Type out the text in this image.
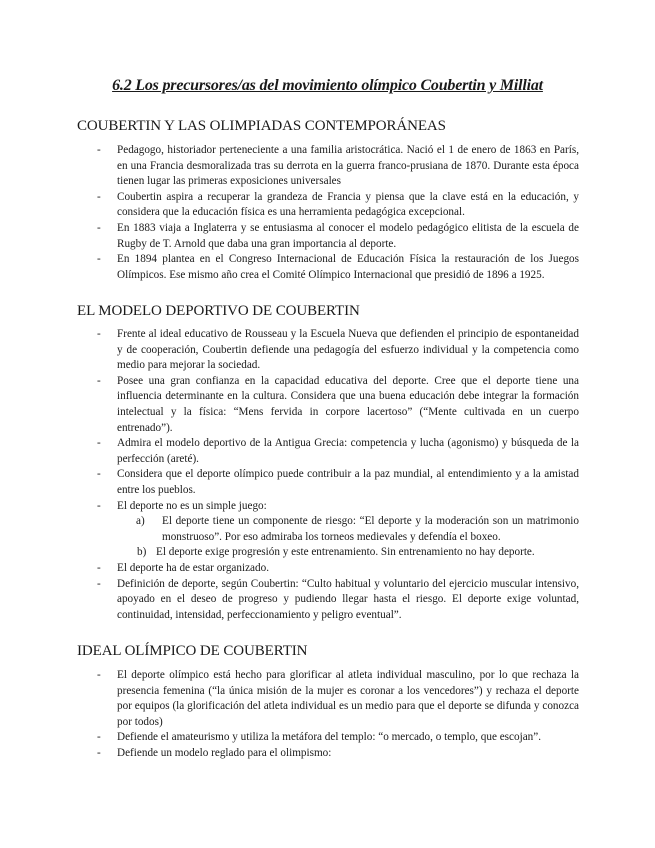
6.2 Los precursores/as del movimiento olímpico Coubertin y Milliat
COUBERTIN Y LAS OLIMPIADAS CONTEMPORÁNEAS
- Pedagogo, historiador perteneciente a una familia aristocrática. Nació el 1 de enero de 1863 en París, en una Francia desmoralizada tras su derrota en la guerra franco-prusiana de 1870. Durante esta época tienen lugar las primeras exposiciones universales
- Coubertin aspira a recuperar la grandeza de Francia y piensa que la clave está en la educación, y considera que la educación física es una herramienta pedagógica excepcional.
- En 1883 viaja a Inglaterra y se entusiasma al conocer el modelo pedagógico elitista de la escuela de Rugby de T. Arnold que daba una gran importancia al deporte.
- En 1894 plantea en el Congreso Internacional de Educación Física la restauración de los Juegos Olímpicos. Ese mismo año crea el Comité Olímpico Internacional que presidió de 1896 a 1925.
EL MODELO DEPORTIVO DE COUBERTIN
- Frente al ideal educativo de Rousseau y la Escuela Nueva que defienden el principio de espontaneidad y de cooperación, Coubertin defiende una pedagogía del esfuerzo individual y la competencia como medio para mejorar la sociedad.
- Posee una gran confianza en la capacidad educativa del deporte. Cree que el deporte tiene una influencia determinante en la cultura. Considera que una buena educación debe integrar la formación intelectual y la física: “Mens fervida in corpore lacertoso” (“Mente cultivada en un cuerpo entrenado”).
- Admira el modelo deportivo de la Antigua Grecia: competencia y lucha (agonismo) y búsqueda de la perfección (areté).
- Considera que el deporte olímpico puede contribuir a la paz mundial, al entendimiento y a la amistad entre los pueblos.
- El deporte no es un simple juego:
a) El deporte tiene un componente de riesgo: “El deporte y la moderación son un matrimonio monstruoso”. Por eso admiraba los torneos medievales y defendía el boxeo.
b) El deporte exige progresión y este entrenamiento. Sin entrenamiento no hay deporte.
- El deporte ha de estar organizado.
- Definición de deporte, según Coubertin: “Culto habitual y voluntario del ejercicio muscular intensivo, apoyado en el deseo de progreso y pudiendo llegar hasta el riesgo. El deporte exige voluntad, continuidad, intensidad, perfeccionamiento y peligro eventual”.
IDEAL OLÍMPICO DE COUBERTIN
- El deporte olímpico está hecho para glorificar al atleta individual masculino, por lo que rechaza la presencia femenina (“la única misión de la mujer es coronar a los vencedores”) y rechaza el deporte por equipos (la glorificación del atleta individual es un medio para que el deporte se difunda y conozca por todos)
- Defiende el amateurismo y utiliza la metáfora del templo: “o mercado, o templo, que escojan”.
- Defiende un modelo reglado para el olimpismo:
